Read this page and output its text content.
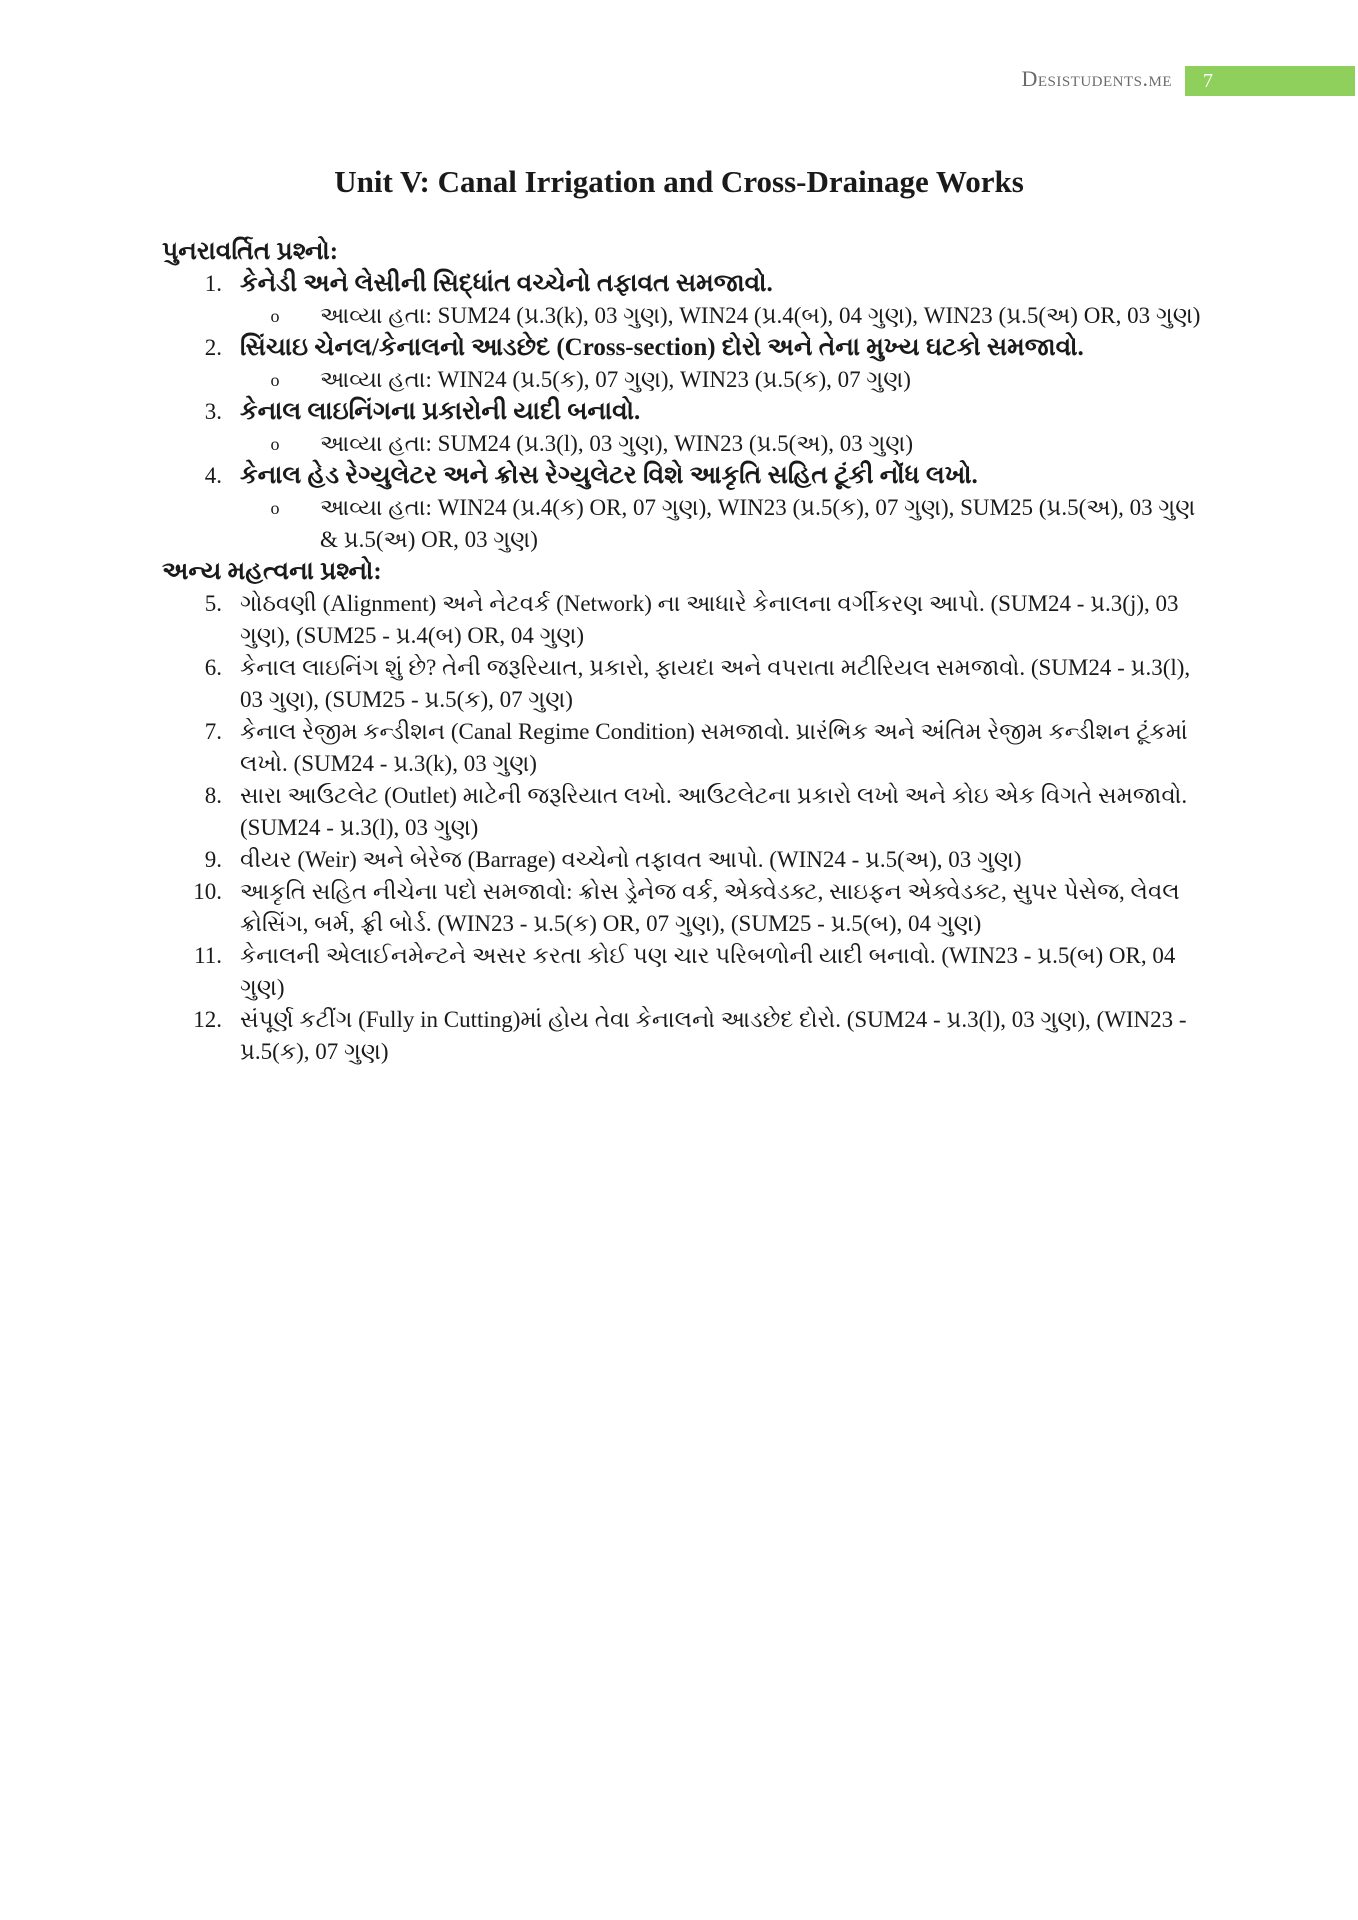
Desistudents.me	7
Unit V: Canal Irrigation and Cross-Drainage Works

પુનરાવર્તિત પ્રશ્નો:

1. કેનેડી અને લેસીની સિદ્ધાંત વચ્ચેનો તફાવત સમજાવો.
o	આવ્યા હતા: SUM24 (પ્ર.3(k), 03 ગુણ), WIN24 (પ્ર.4(બ), 04 ગુણ), WIN23 (પ્ર.5(અ) OR, 03 ગુણ)
2. સિંચાઇ ચેનલ/કેનાલનો આડછેદ (Cross-section) દોરો અને તેના મુખ્ય ઘટકો સમજાવો.
o	આવ્યા હતા: WIN24 (પ્ર.5(ક), 07 ગુણ), WIN23 (પ્ર.5(ક), 07 ગુણ)
3. કેનાલ લાઇનિંગના પ્રકારોની યાદી બનાવો.
o	આવ્યા હતા: SUM24 (પ્ર.3(l), 03 ગુણ), WIN23 (પ્ર.5(અ), 03 ગુણ)
4. કેનાલ હેડ રેગ્યુલેટર અને ક્રોસ રેગ્યુલેટર વિશે આકૃતિ સહિત ટૂંકી નોંધ લખો.
o	આવ્યા હતા: WIN24 (પ્ર.4(ક) OR, 07 ગુણ), WIN23 (પ્ર.5(ક), 07 ગુણ), SUM25 (પ્ર.5(અ), 03 ગુણ & પ્ર.5(અ) OR, 03 ગુણ)

અન્ય મહત્વના પ્રશ્નો:

5. ગોઠવણી (Alignment) અને નેટવર્ક (Network) ના આધારે કેનાલના વર્ગીકરણ આપો. (SUM24 - પ્ર.3(j), 03 ગુણ), (SUM25 - પ્ર.4(બ) OR, 04 ગુણ)
6. કેનાલ લાઇનિંગ શું છે? તેની જરૂરિયાત, પ્રકારો, ફાયદા અને વપરાતા મટીરિયલ સમજાવો. (SUM24 - પ્ર.3(l), 03 ગુણ), (SUM25 - પ્ર.5(ક), 07 ગુણ)
7. કેનાલ રેજીમ કન્ડીશન (Canal Regime Condition) સમજાવો. પ્રારંભિક અને અંતિમ રેજીમ કન્ડીશન ટૂંકમાં લખો. (SUM24 - પ્ર.3(k), 03 ગુણ)
8. સારા આઉટલેટ (Outlet) માટેની જરૂરિયાત લખો. આઉટલેટના પ્રકારો લખો અને કોઇ એક વિગતે સમજાવો. (SUM24 - પ્ર.3(l), 03 ગુણ)
9. વીયર (Weir) અને બેરેજ (Barrage) વચ્ચેનો તફાવત આપો. (WIN24 - પ્ર.5(અ), 03 ગુણ)
10. આકૃતિ સહિત નીચેના પદો સમજાવો: ક્રોસ ડ્રેનેજ વર્ક, એક્વેડક્ટ, સાઇફન એક્વેડક્ટ, સુપર પેસેજ, લેવલ ક્રોસિંગ, બર્મ, ફ્રી બોર્ડ. (WIN23 - પ્ર.5(ક) OR, 07 ગુણ), (SUM25 - પ્ર.5(બ), 04 ગુણ)
11. કેનાલની એલાઈનમેન્ટને અસર કરતા કોઈ પણ ચાર પરિબળોની યાદી બનાવો. (WIN23 - પ્ર.5(બ) OR, 04 ગુણ)
12. સંપૂર્ણ કટીંગ (Fully in Cutting)માં હોય તેવા કેનાલનો આડછેદ દોરો. (SUM24 - પ્ર.3(l), 03 ગુણ), (WIN23 - પ્ર.5(ક), 07 ગુણ)
